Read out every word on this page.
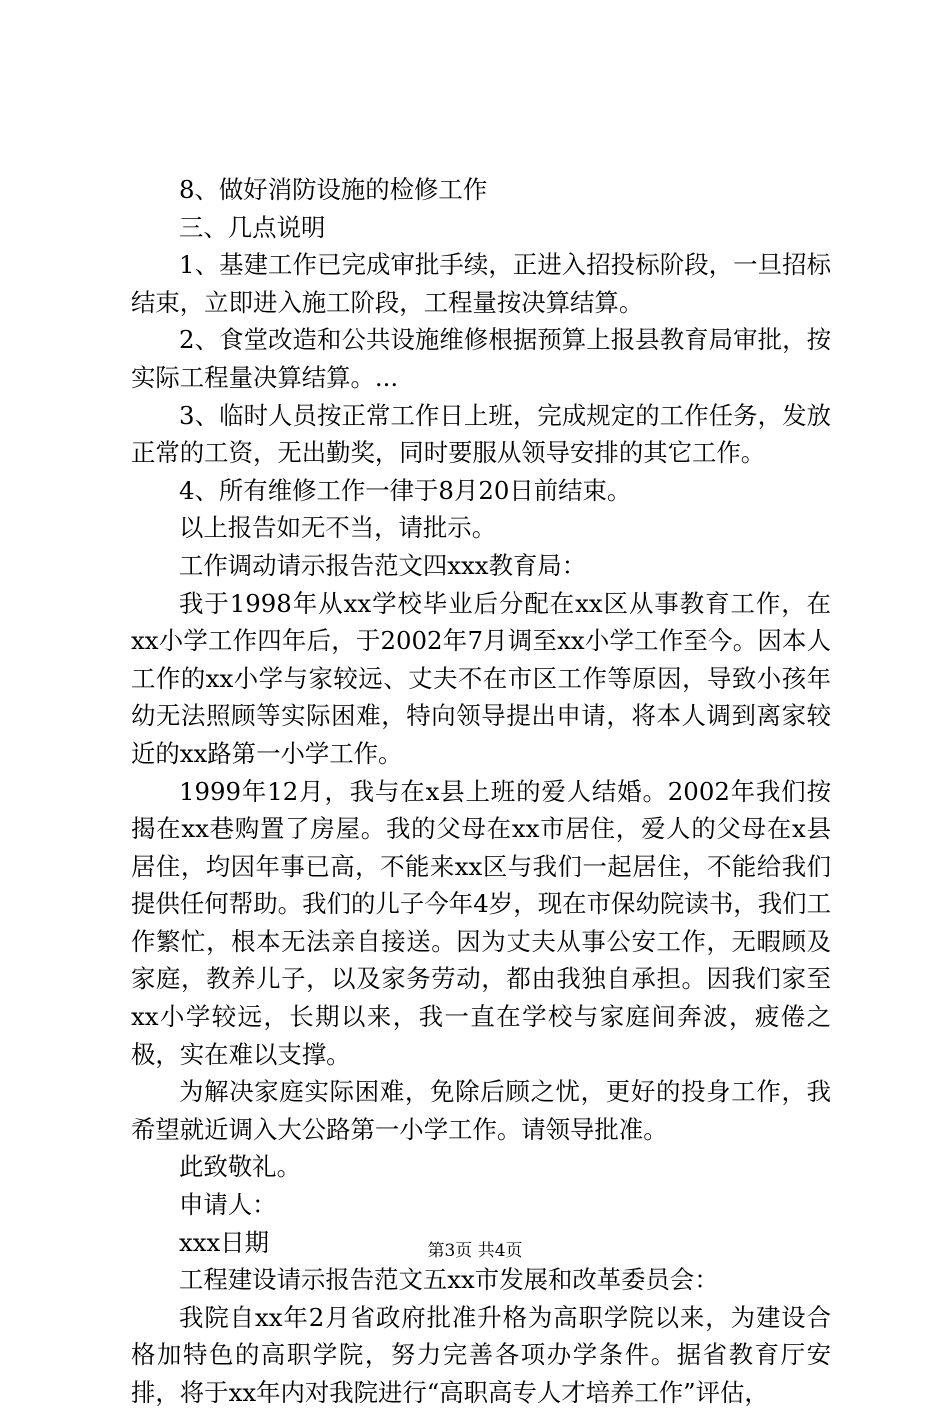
8、做好消防设施的检修工作

三、几点说明

1、基建工作已完成审批手续，正进入招投标阶段，一旦招标结束，立即进入施工阶段，工程量按决算结算。

2、食堂改造和公共设施维修根据预算上报县教育局审批，按实际工程量决算结算。...

3、临时人员按正常工作日上班，完成规定的工作任务，发放正常的工资，无出勤奖，同时要服从领导安排的其它工作。

4、所有维修工作一律于8月20日前结束。

以上报告如无不当，请批示。

工作调动请示报告范文四xxx教育局：

我于1998年从xx学校毕业后分配在xx区从事教育工作，在xx小学工作四年后，于2002年7月调至xx小学工作至今。因本人工作的xx小学与家较远、丈夫不在市区工作等原因，导致小孩年幼无法照顾等实际困难，特向领导提出申请，将本人调到离家较近的xx路第一小学工作。

1999年12月，我与在x县上班的爱人结婚。2002年我们按揭在xx巷购置了房屋。我的父母在xx市居住，爱人的父母在x县居住，均因年事已高，不能来xx区与我们一起居住，不能给我们提供任何帮助。我们的儿子今年4岁，现在市保幼院读书，我们工作繁忙，根本无法亲自接送。因为丈夫从事公安工作，无暇顾及家庭，教养儿子，以及家务劳动，都由我独自承担。因我们家至xx小学较远，长期以来，我一直在学校与家庭间奔波，疲倦之极，实在难以支撑。

为解决家庭实际困难，免除后顾之忧，更好的投身工作，我希望就近调入大公路第一小学工作。请领导批准。

此致敬礼。

申请人：

xxx日期

工程建设请示报告范文五xx市发展和改革委员会：

我院自xx年2月省政府批准升格为高职学院以来，为建设合格加特色的高职学院，努力完善各项办学条件。据省教育厅安排，将于xx年内对我院进行“高职高专人才培养工作”评估，

第3页 共4页
